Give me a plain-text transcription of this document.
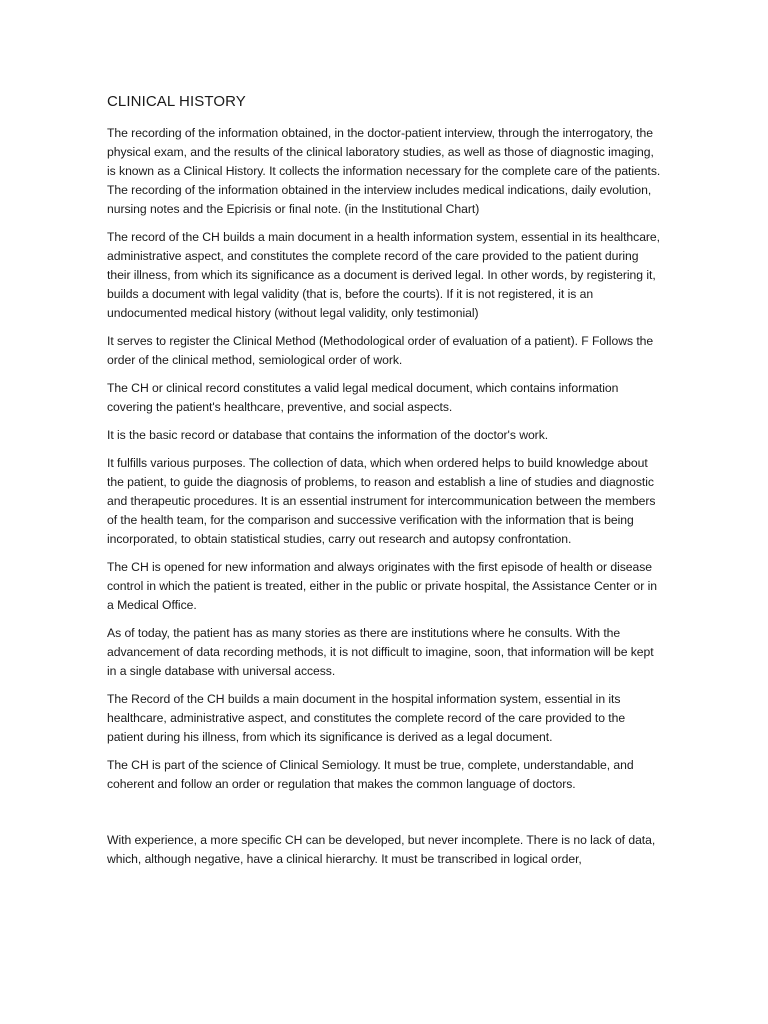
CLINICAL HISTORY

The recording of the information obtained, in the doctor-patient interview, through the interrogatory, the physical exam, and the results of the clinical laboratory studies, as well as those of diagnostic imaging, is known as a Clinical History. It collects the information necessary for the complete care of the patients. The recording of the information obtained in the interview includes medical indications, daily evolution, nursing notes and the Epicrisis or final note. (in the Institutional Chart)

The record of the CH builds a main document in a health information system, essential in its healthcare, administrative aspect, and constitutes the complete record of the care provided to the patient during their illness, from which its significance as a document is derived legal. In other words, by registering it, builds a document with legal validity (that is, before the courts). If it is not registered, it is an undocumented medical history (without legal validity, only testimonial)

It serves to register the Clinical Method (Methodological order of evaluation of a patient). F Follows the order of the clinical method, semiological order of work.

The CH or clinical record constitutes a valid legal medical document, which contains information covering the patient's healthcare, preventive, and social aspects.

It is the basic record or database that contains the information of the doctor's work.

It fulfills various purposes. The collection of data, which when ordered helps to build knowledge about the patient, to guide the diagnosis of problems, to reason and establish a line of studies and diagnostic and therapeutic procedures. It is an essential instrument for intercommunication between the members of the health team, for the comparison and successive verification with the information that is being incorporated, to obtain statistical studies, carry out research and autopsy confrontation.

The CH is opened for new information and always originates with the first episode of health or disease control in which the patient is treated, either in the public or private hospital, the Assistance Center or in a Medical Office.

As of today, the patient has as many stories as there are institutions where he consults. With the advancement of data recording methods, it is not difficult to imagine, soon, that information will be kept in a single database with universal access.

The Record of the CH builds a main document in the hospital information system, essential in its healthcare, administrative aspect, and constitutes the complete record of the care provided to the patient during his illness, from which its significance is derived as a legal document.

The CH is part of the science of Clinical Semiology. It must be true, complete, understandable, and coherent and follow an order or regulation that makes the common language of doctors.

With experience, a more specific CH can be developed, but never incomplete. There is no lack of data, which, although negative, have a clinical hierarchy. It must be transcribed in logical order,
